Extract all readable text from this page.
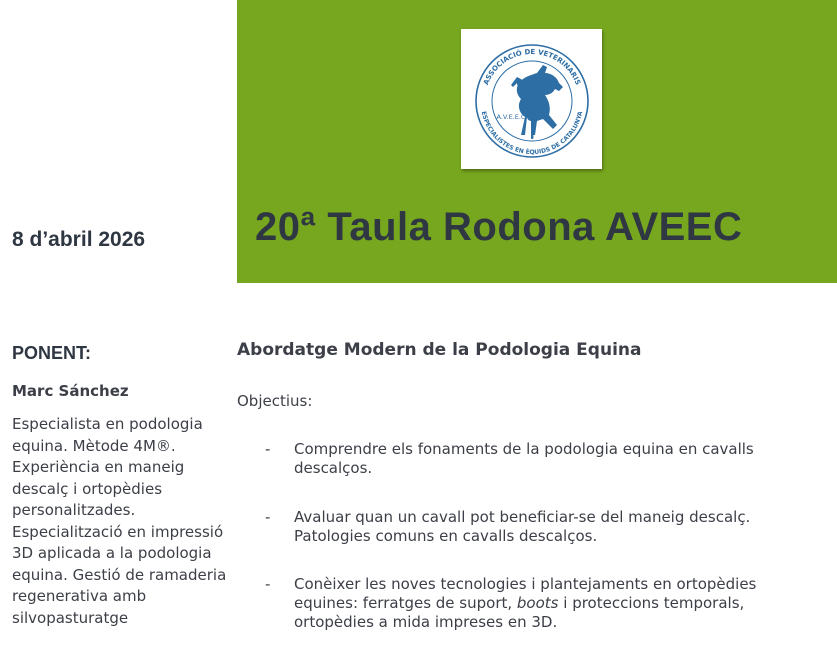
ASSOCIACIÓ DE VETERINARIS
ESPECIALISTES EN ÈQUIDS DE CATALUNYA
A.V.E.E.C
20ª Taula Rodona AVEEC
8 d’abril 2026
PONENT:
Marc Sánchez
Especialista en podologia equina. Mètode 4M®. Experiència en maneig descalç i ortopèdies personalitzades. Especialització en impressió 3D aplicada a la podologia equina. Gestió de ramaderia regenerativa amb silvopasturatge
Abordatge Modern de la Podologia Equina
Objectius:
- Comprendre els fonaments de la podologia equina en cavalls descalços.
- Avaluar quan un cavall pot beneficiar-se del maneig descalç. Patologies comuns en cavalls descalços.
- Conèixer les noves tecnologies i plantejaments en ortopèdies equines: ferratges de suport, boots i proteccions temporals, ortopèdies a mida impreses en 3D.
